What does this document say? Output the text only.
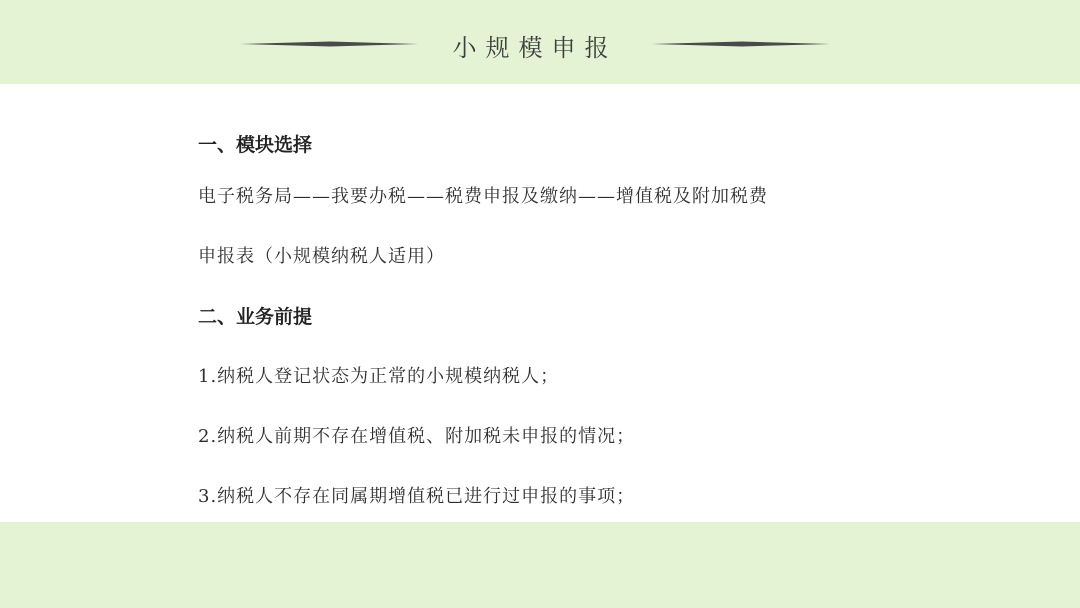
小规模申报
一、模块选择
电子税务局——我要办税——税费申报及缴纳——增值税及附加税费
申报表（小规模纳税人适用）
二、业务前提
1.纳税人登记状态为正常的小规模纳税人；
2.纳税人前期不存在增值税、附加税未申报的情况；
3.纳税人不存在同属期增值税已进行过申报的事项；
